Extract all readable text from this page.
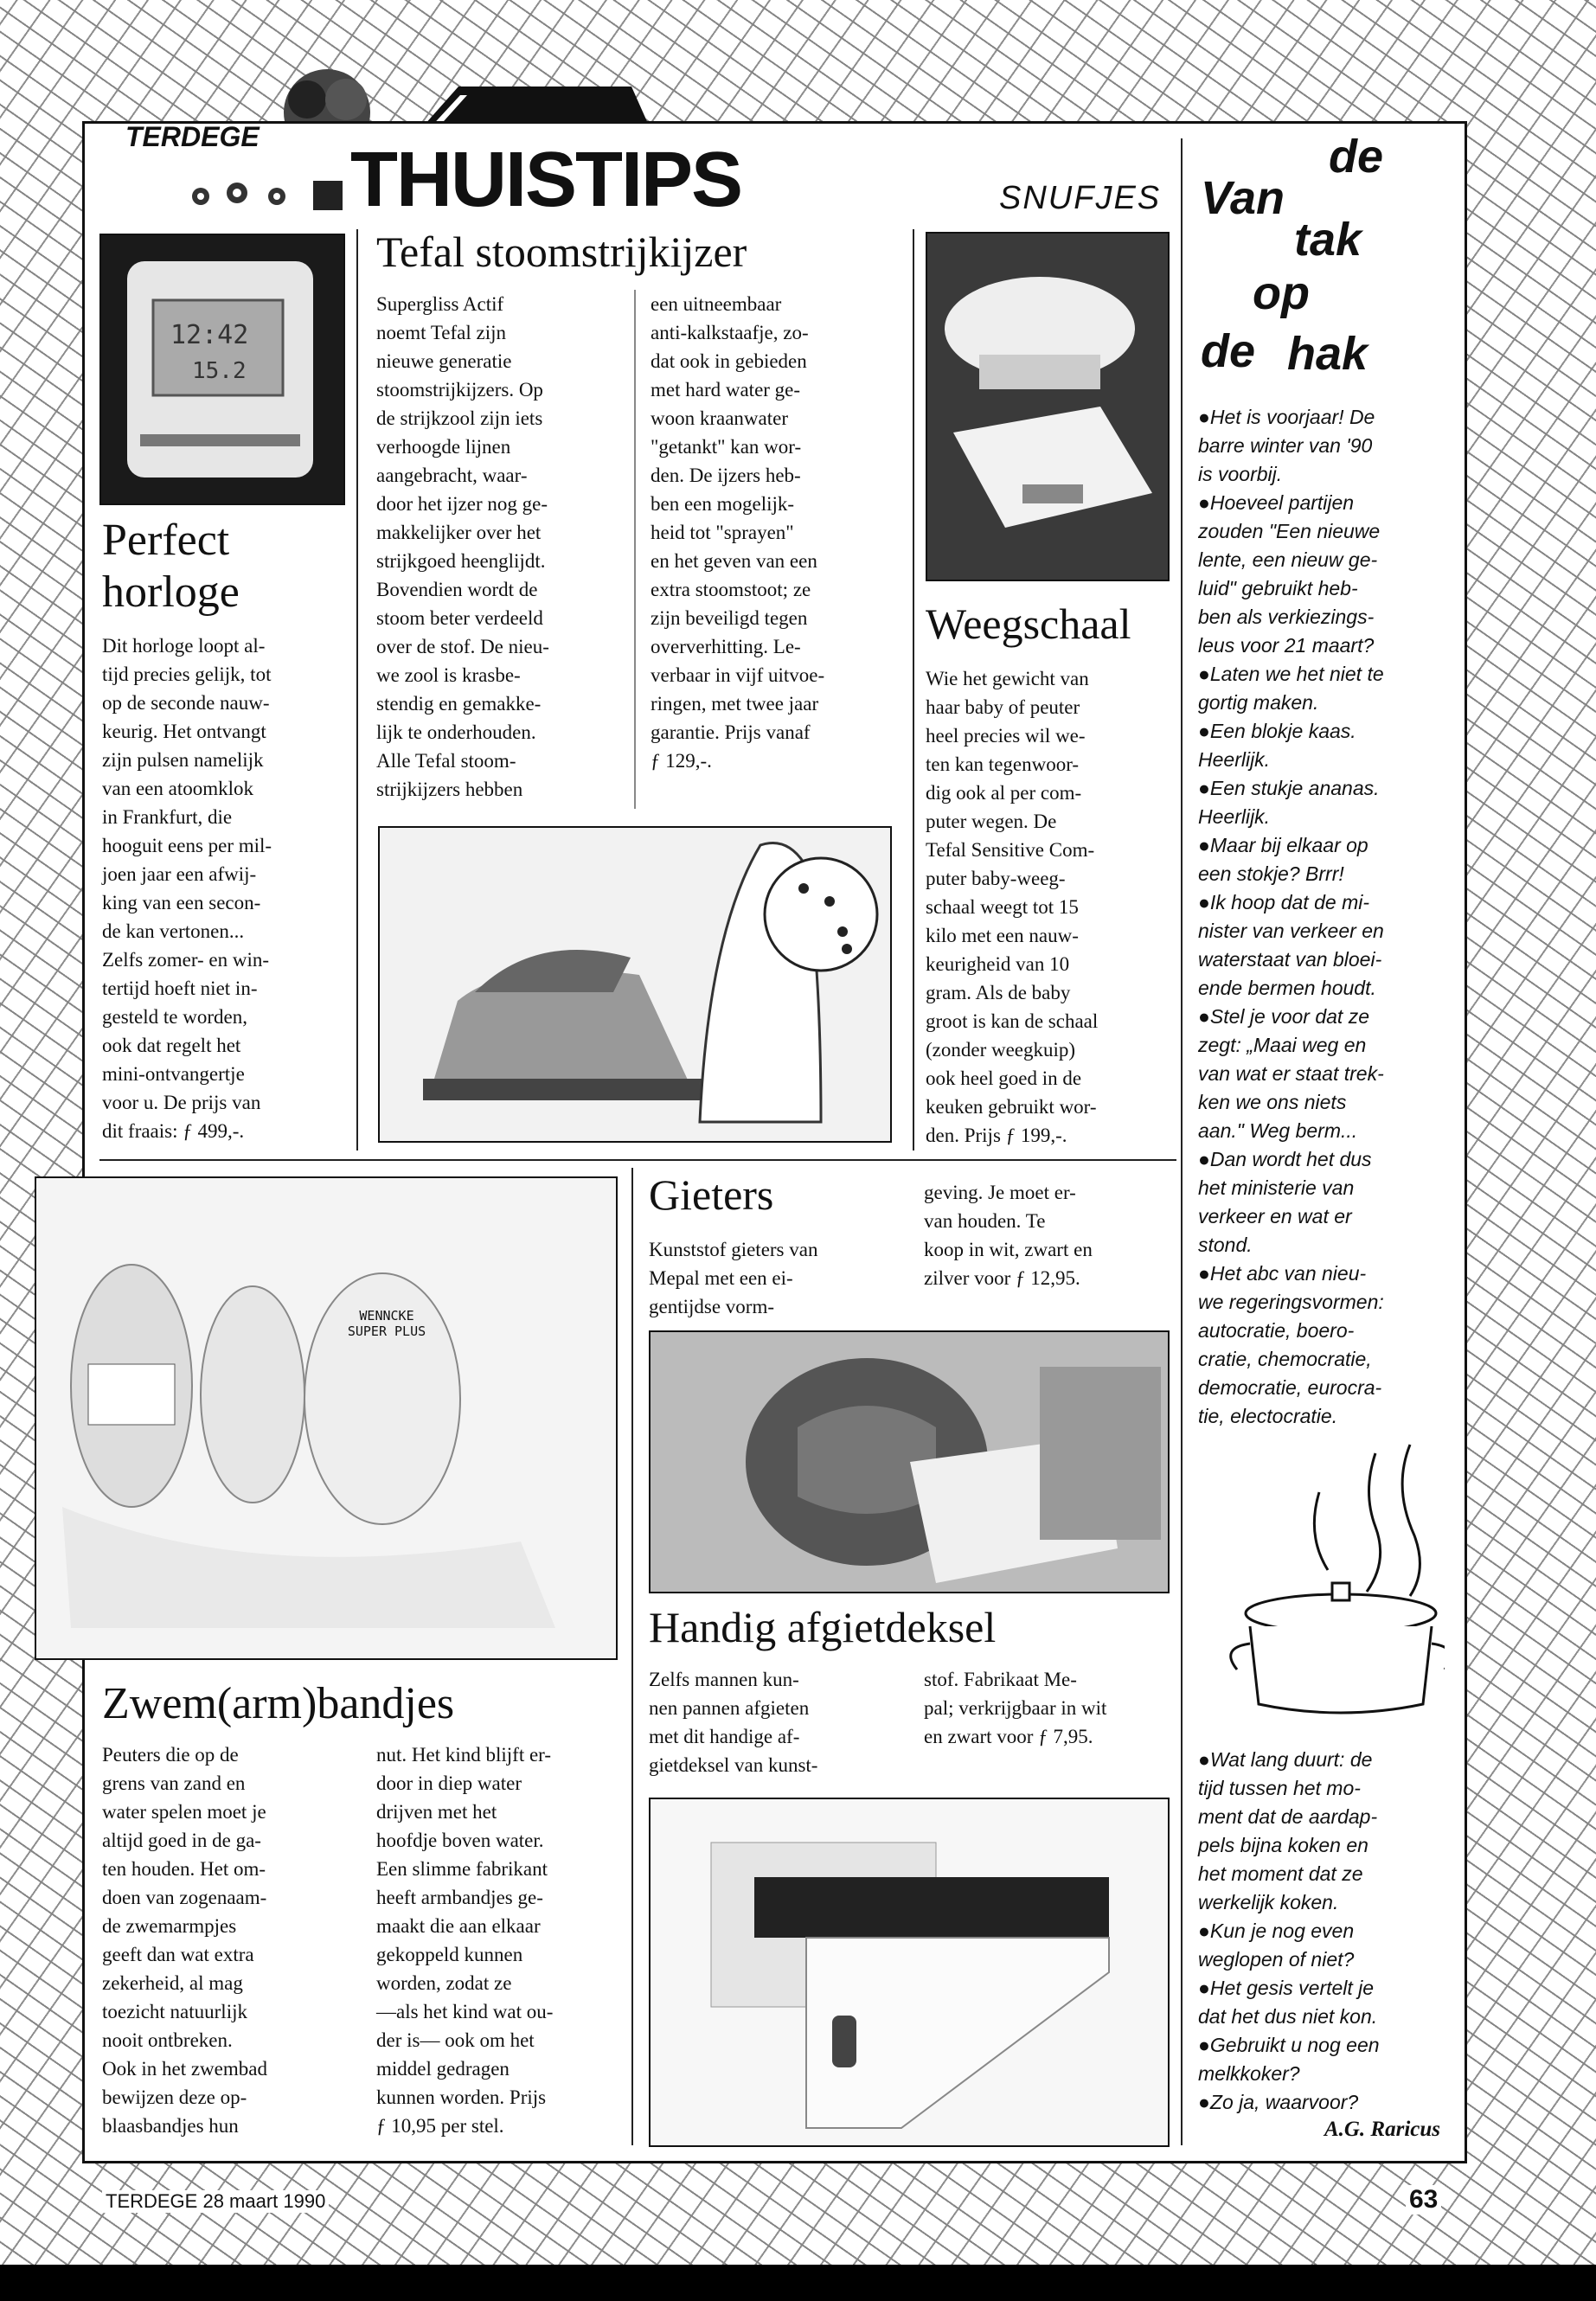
TERDEGE THUISTIPS	SNUFJES
12:42
15.2
Perfect
horloge
Dit horloge loopt al-
tijd precies gelijk, tot
op de seconde nauw-
keurig. Het ontvangt
zijn pulsen namelijk
van een atoomklok
in Frankfurt, die
hooguit eens per mil-
joen jaar een afwij-
king van een secon-
de kan vertonen...
Zelfs zomer- en win-
tertijd hoeft niet in-
gesteld te worden,
ook dat regelt het
mini-ontvangertje
voor u. De prijs van
dit fraais: ƒ 499,-.
Tefal stoomstrijkijzer
Supergliss Actif
noemt Tefal zijn
nieuwe generatie
stoomstrijkijzers. Op
de strijkzool zijn iets
verhoogde lijnen
aangebracht, waar-
door het ijzer nog ge-
makkelijker over het
strijkgoed heenglijdt.
Bovendien wordt de
stoom beter verdeeld
over de stof. De nieu-
we zool is krasbe-
stendig en gemakke-
lijk te onderhouden.
Alle Tefal stoom-
strijkijzers hebben
een uitneembaar
anti-kalkstaafje, zo-
dat ook in gebieden
met hard water ge-
woon kraanwater
"getankt" kan wor-
den. De ijzers heb-
ben een mogelijk-
heid tot "sprayen"
en het geven van een
extra stoomstoot; ze
zijn beveiligd tegen
oververhitting. Le-
verbaar in vijf uitvoe-
ringen, met twee jaar
garantie. Prijs vanaf
ƒ 129,-.
Weegschaal
Wie het gewicht van
haar baby of peuter
heel precies wil we-
ten kan tegenwoor-
dig ook al per com-
puter wegen. De
Tefal Sensitive Com-
puter baby-weeg-
schaal weegt tot 15
kilo met een nauw-
keurigheid van 10
gram. Als de baby
groot is kan de schaal
(zonder weegkuip)
ook heel goed in de
keuken gebruikt wor-
den. Prijs ƒ 199,-.
WENNCKE
SUPER PLUS
Zwem(arm)bandjes
Peuters die op de
grens van zand en
water spelen moet je
altijd goed in de ga-
ten houden. Het om-
doen van zogenaam-
de zwemarmpjes
geeft dan wat extra
zekerheid, al mag
toezicht natuurlijk
nooit ontbreken.
Ook in het zwembad
bewijzen deze op-
blaasbandjes hun
nut. Het kind blijft er-
door in diep water
drijven met het
hoofdje boven water.
Een slimme fabrikant
heeft armbandjes ge-
maakt die aan elkaar
gekoppeld kunnen
worden, zodat ze
—als het kind wat ou-
der is— ook om het
middel gedragen
kunnen worden. Prijs
ƒ 10,95 per stel.
Gieters
Kunststof gieters van
Mepal met een ei-
gentijdse vorm-
geving. Je moet er-
van houden. Te
koop in wit, zwart en
zilver voor ƒ 12,95.
Handig afgietdeksel
Zelfs mannen kun-
nen pannen afgieten
met dit handige af-
gietdeksel van kunst-
stof. Fabrikaat Me-
pal; verkrijgbaar in wit
en zwart voor ƒ 7,95.
Van
de
tak
op
de hak
●Het is voorjaar! De
barre winter van '90
is voorbij.
●Hoeveel partijen
zouden "Een nieuwe
lente, een nieuw ge-
luid" gebruikt heb-
ben als verkiezings-
leus voor 21 maart?
●Laten we het niet te
gortig maken.
●Een blokje kaas.
Heerlijk.
●Een stukje ananas.
Heerlijk.
●Maar bij elkaar op
een stokje? Brrr!
●Ik hoop dat de mi-
nister van verkeer en
waterstaat van bloei-
ende bermen houdt.
●Stel je voor dat ze
zegt: „Maai weg en
van wat er staat trek-
ken we ons niets
aan." Weg berm...
●Dan wordt het dus
het ministerie van
verkeer en wat er
stond.
●Het abc van nieu-
we regeringsvormen:
autocratie, boero-
cratie, chemocratie,
democratie, eurocra-
tie, electocratie.
●Wat lang duurt: de
tijd tussen het mo-
ment dat de aardap-
pels bijna koken en
het moment dat ze
werkelijk koken.
●Kun je nog even
weglopen of niet?
●Het gesis vertelt je
dat het dus niet kon.
●Gebruikt u nog een
melkkoker?
●Zo ja, waarvoor?
A.G. Raricus
TERDEGE 28 maart 1990	63
